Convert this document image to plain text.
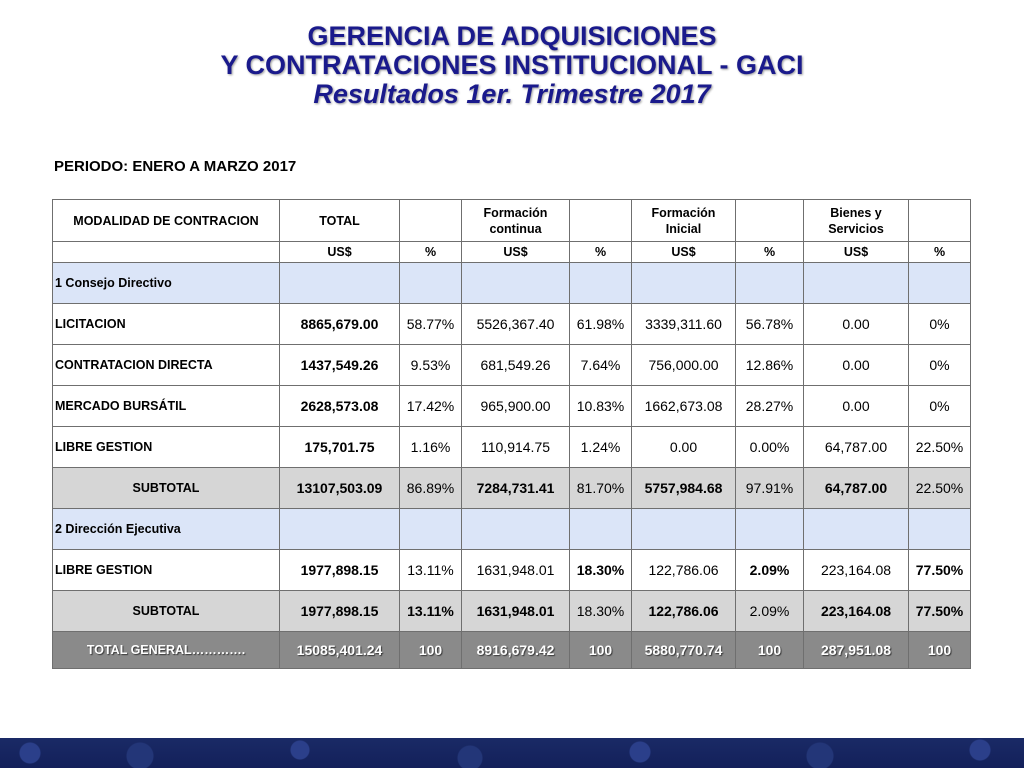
GERENCIA DE ADQUISICIONES
Y CONTRATACIONES INSTITUCIONAL - GACI
Resultados 1er. Trimestre 2017
PERIODO: ENERO A MARZO 2017
MODALIDAD DE CONTRACION	TOTAL		Formación continua		Formación Inicial		Bienes y Servicios	
	US$	%	US$	%	US$	%	US$	%
1 Consejo Directivo								
LICITACION	8865,679.00	58.77%	5526,367.40	61.98%	3339,311.60	56.78%	0.00	0%
CONTRATACION DIRECTA	1437,549.26	9.53%	681,549.26	7.64%	756,000.00	12.86%	0.00	0%
MERCADO BURSÁTIL	2628,573.08	17.42%	965,900.00	10.83%	1662,673.08	28.27%	0.00	0%
LIBRE GESTION	175,701.75	1.16%	110,914.75	1.24%	0.00	0.00%	64,787.00	22.50%
SUBTOTAL	13107,503.09	86.89%	7284,731.41	81.70%	5757,984.68	97.91%	64,787.00	22.50%
2 Dirección Ejecutiva								
LIBRE GESTION	1977,898.15	13.11%	1631,948.01	18.30%	122,786.06	2.09%	223,164.08	77.50%
SUBTOTAL	1977,898.15	13.11%	1631,948.01	18.30%	122,786.06	2.09%	223,164.08	77.50%
TOTAL GENERAL………….	15085,401.24	100	8916,679.42	100	5880,770.74	100	287,951.08	100
